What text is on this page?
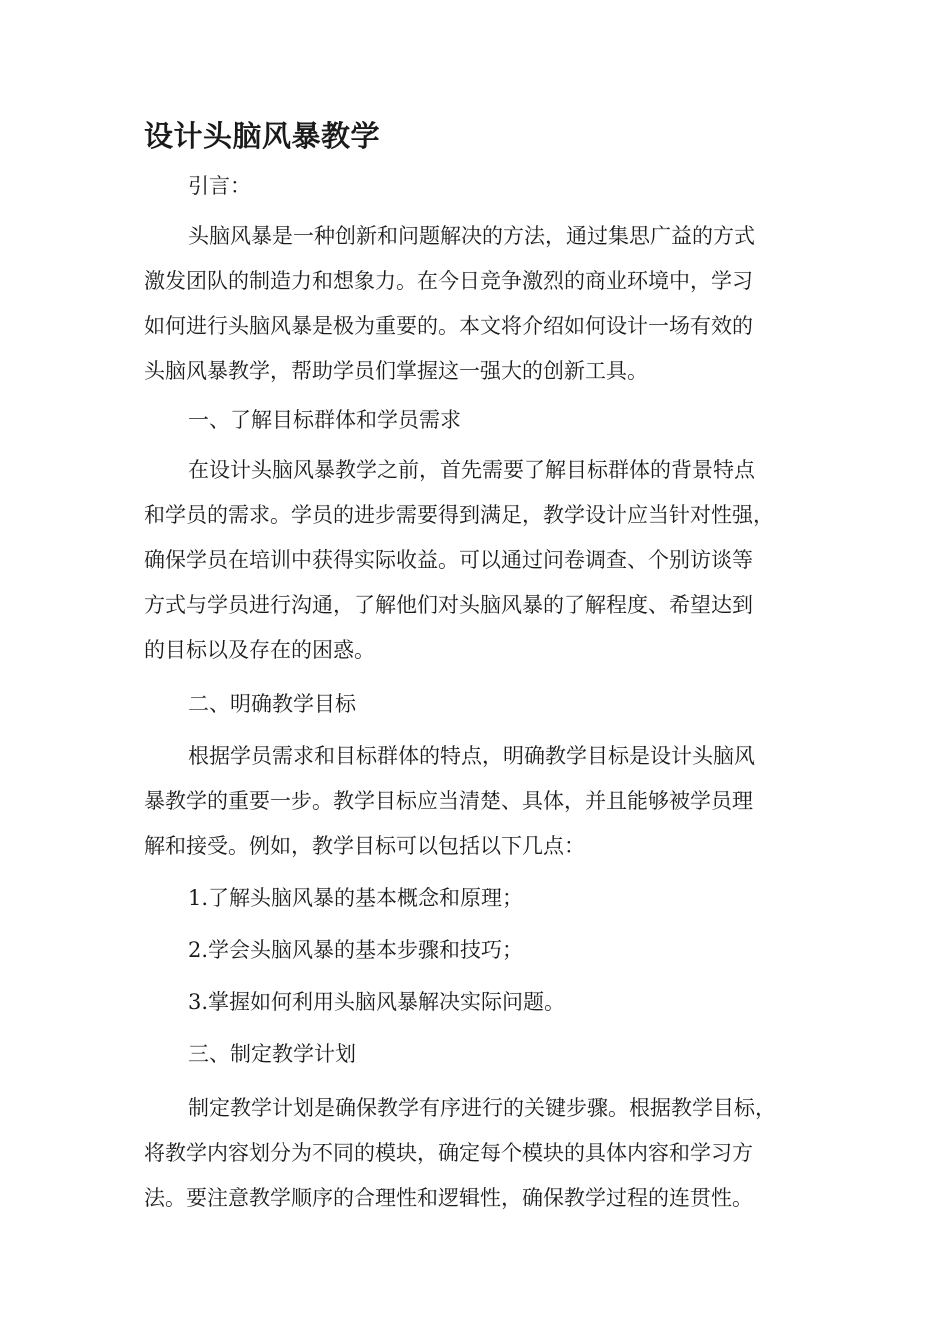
设计头脑风暴教学

引言：

头脑风暴是一种创新和问题解决的方法，通过集思广益的方式
激发团队的制造力和想象力。在今日竞争激烈的商业环境中，学习
如何进行头脑风暴是极为重要的。本文将介绍如何设计一场有效的
头脑风暴教学，帮助学员们掌握这一强大的创新工具。

一、了解目标群体和学员需求

在设计头脑风暴教学之前，首先需要了解目标群体的背景特点
和学员的需求。学员的进步需要得到满足，教学设计应当针对性强，
确保学员在培训中获得实际收益。可以通过问卷调查、个别访谈等
方式与学员进行沟通，了解他们对头脑风暴的了解程度、希望达到
的目标以及存在的困惑。

二、明确教学目标

根据学员需求和目标群体的特点，明确教学目标是设计头脑风
暴教学的重要一步。教学目标应当清楚、具体，并且能够被学员理
解和接受。例如，教学目标可以包括以下几点：

1.了解头脑风暴的基本概念和原理；

2.学会头脑风暴的基本步骤和技巧；

3.掌握如何利用头脑风暴解决实际问题。

三、制定教学计划

制定教学计划是确保教学有序进行的关键步骤。根据教学目标，
将教学内容划分为不同的模块，确定每个模块的具体内容和学习方
法。要注意教学顺序的合理性和逻辑性，确保教学过程的连贯性。
